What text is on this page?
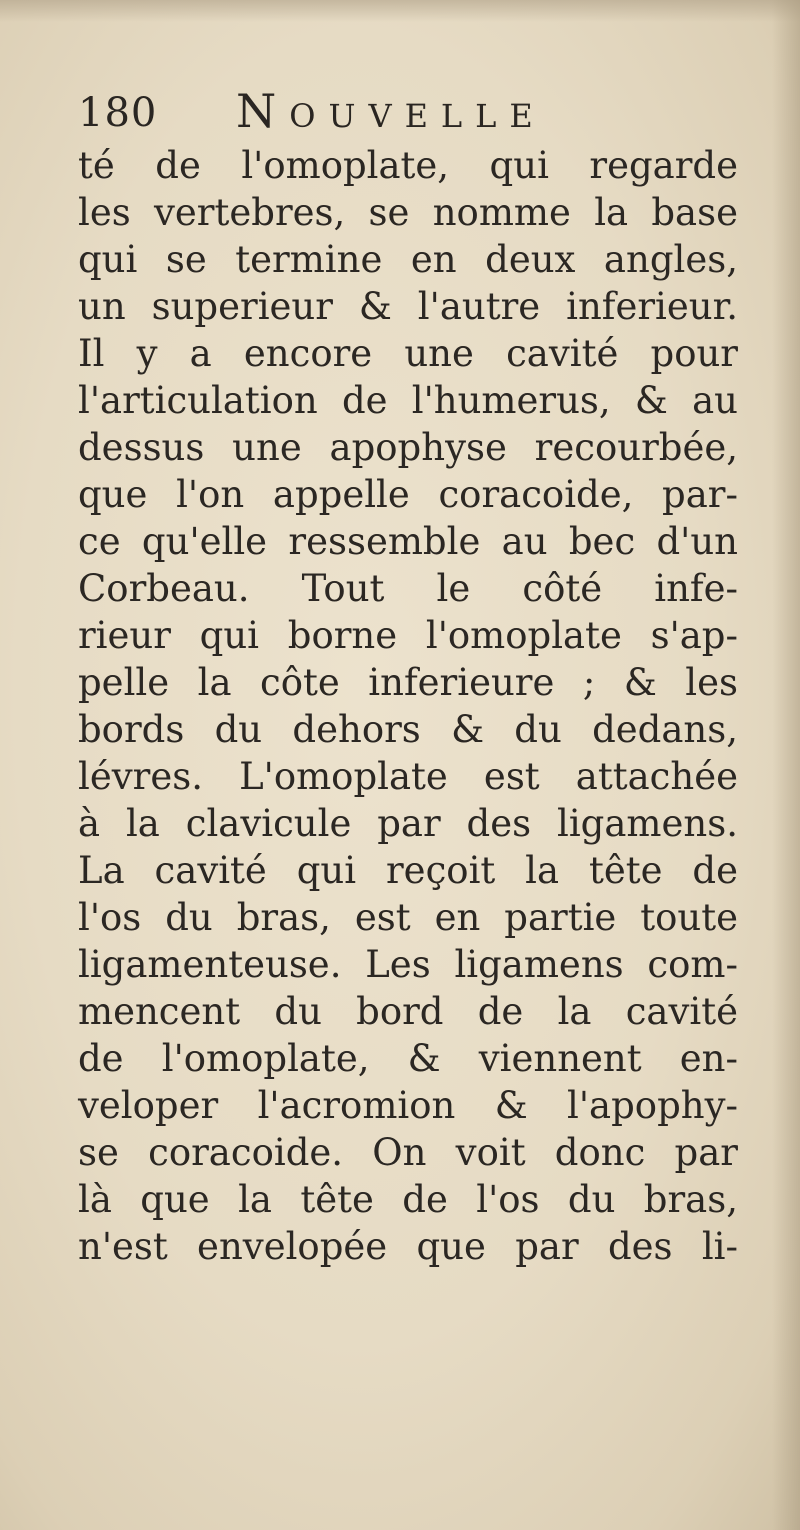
180 Nouvelle
té de l'omoplate, qui regarde
les vertebres, se nomme la base
qui se termine en deux angles,
un superieur & l'autre inferieur.
Il y a encore une cavité pour
l'articulation de l'humerus, & au
dessus une apophyse recourbée,
que l'on appelle coracoide, par-
ce qu'elle ressemble au bec d'un
Corbeau. Tout le côté infe-
rieur qui borne l'omoplate s'ap-
pelle la côte inferieure ; & les
bords du dehors & du dedans,
lévres. L'omoplate est attachée
à la clavicule par des ligamens.
La cavité qui reçoit la tête de
l'os du bras, est en partie toute
ligamenteuse. Les ligamens com-
mencent du bord de la cavité
de l'omoplate, & viennent en-
veloper l'acromion & l'apophy-
se coracoide. On voit donc par
là que la tête de l'os du bras,
n'est envelopée que par des li-
